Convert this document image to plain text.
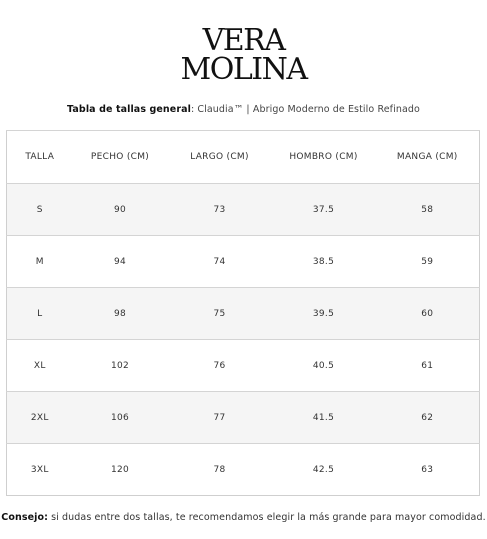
VERA
MOLINA
Tabla de tallas general: Claudia™ | Abrigo Moderno de Estilo Refinado
TALLA	PECHO (CM)	LARGO (CM)	HOMBRO (CM)	MANGA (CM)
S	90	73	37.5	58
M	94	74	38.5	59
L	98	75	39.5	60
XL	102	76	40.5	61
2XL	106	77	41.5	62
3XL	120	78	42.5	63
Consejo: si dudas entre dos tallas, te recomendamos elegir la más grande para mayor comodidad.
